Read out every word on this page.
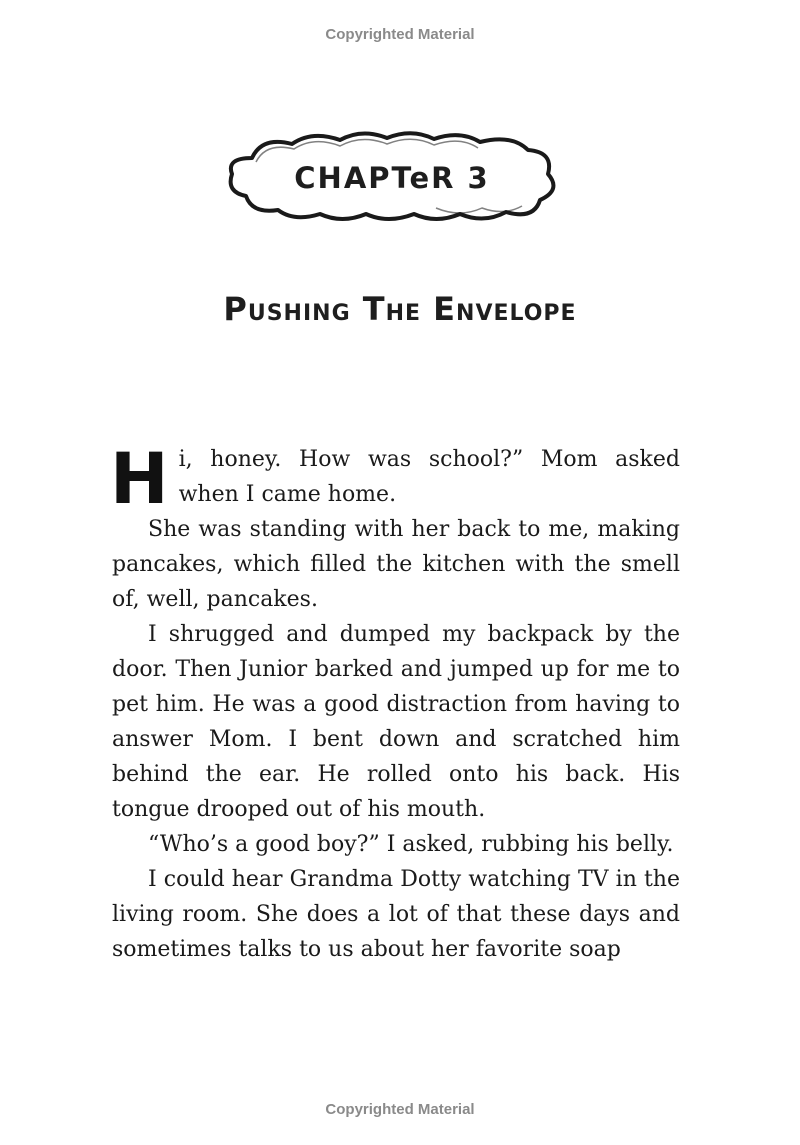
Copyrighted Material
CHAPTeR 3
Pushing The Envelope

Hi, honey. How was school?” Mom asked when I came home.

She was standing with her back to me, making pancakes, which filled the kitchen with the smell of, well, pancakes.

I shrugged and dumped my backpack by the door. Then Junior barked and jumped up for me to pet him. He was a good distraction from having to answer Mom. I bent down and scratched him behind the ear. He rolled onto his back. His tongue drooped out of his mouth.

“Who’s a good boy?” I asked, rubbing his belly.

I could hear Grandma Dotty watching TV in the living room. She does a lot of that these days and sometimes talks to us about her favorite soap

Copyrighted Material
